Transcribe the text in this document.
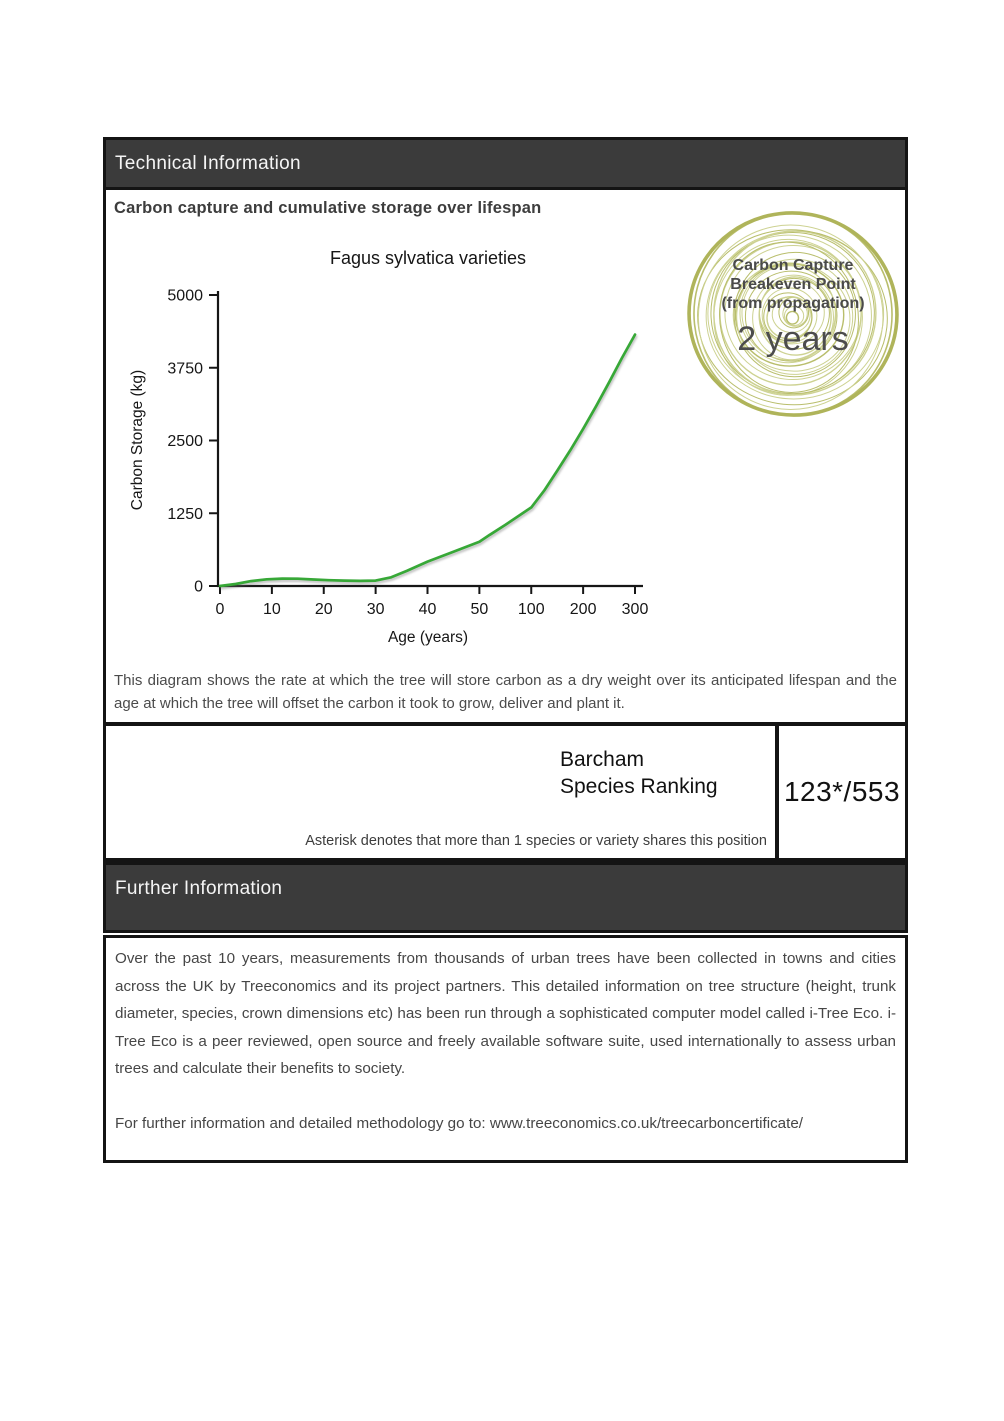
Technical Information
Carbon capture and cumulative storage over lifespan
Fagus sylvatica varieties
0
1250
2500
3750
5000
0 10 20 30 40 50 100 200 300
Age (years)
Carbon Storage (kg)
Carbon Capture
Breakeven Point
(from propagation)
2 years
This diagram shows the rate at which the tree will store carbon as a dry weight over its anticipated lifespan and the age at which the tree will offset the carbon it took to grow, deliver and plant it.
Barcham
Species Ranking
Asterisk denotes that more than 1 species or variety shares this position
123*/553
Further Information

Over the past 10 years, measurements from thousands of urban trees have been collected in towns and cities across the UK by Treeconomics and its project partners. This detailed information on tree structure (height, trunk diameter, species, crown dimensions etc) has been run through a sophisticated computer model called i-Tree Eco. i-Tree Eco is a peer reviewed, open source and freely available software suite, used internationally to assess urban trees and calculate their benefits to society.

For further information and detailed methodology go to: www.treeconomics.co.uk/treecarboncertificate/
